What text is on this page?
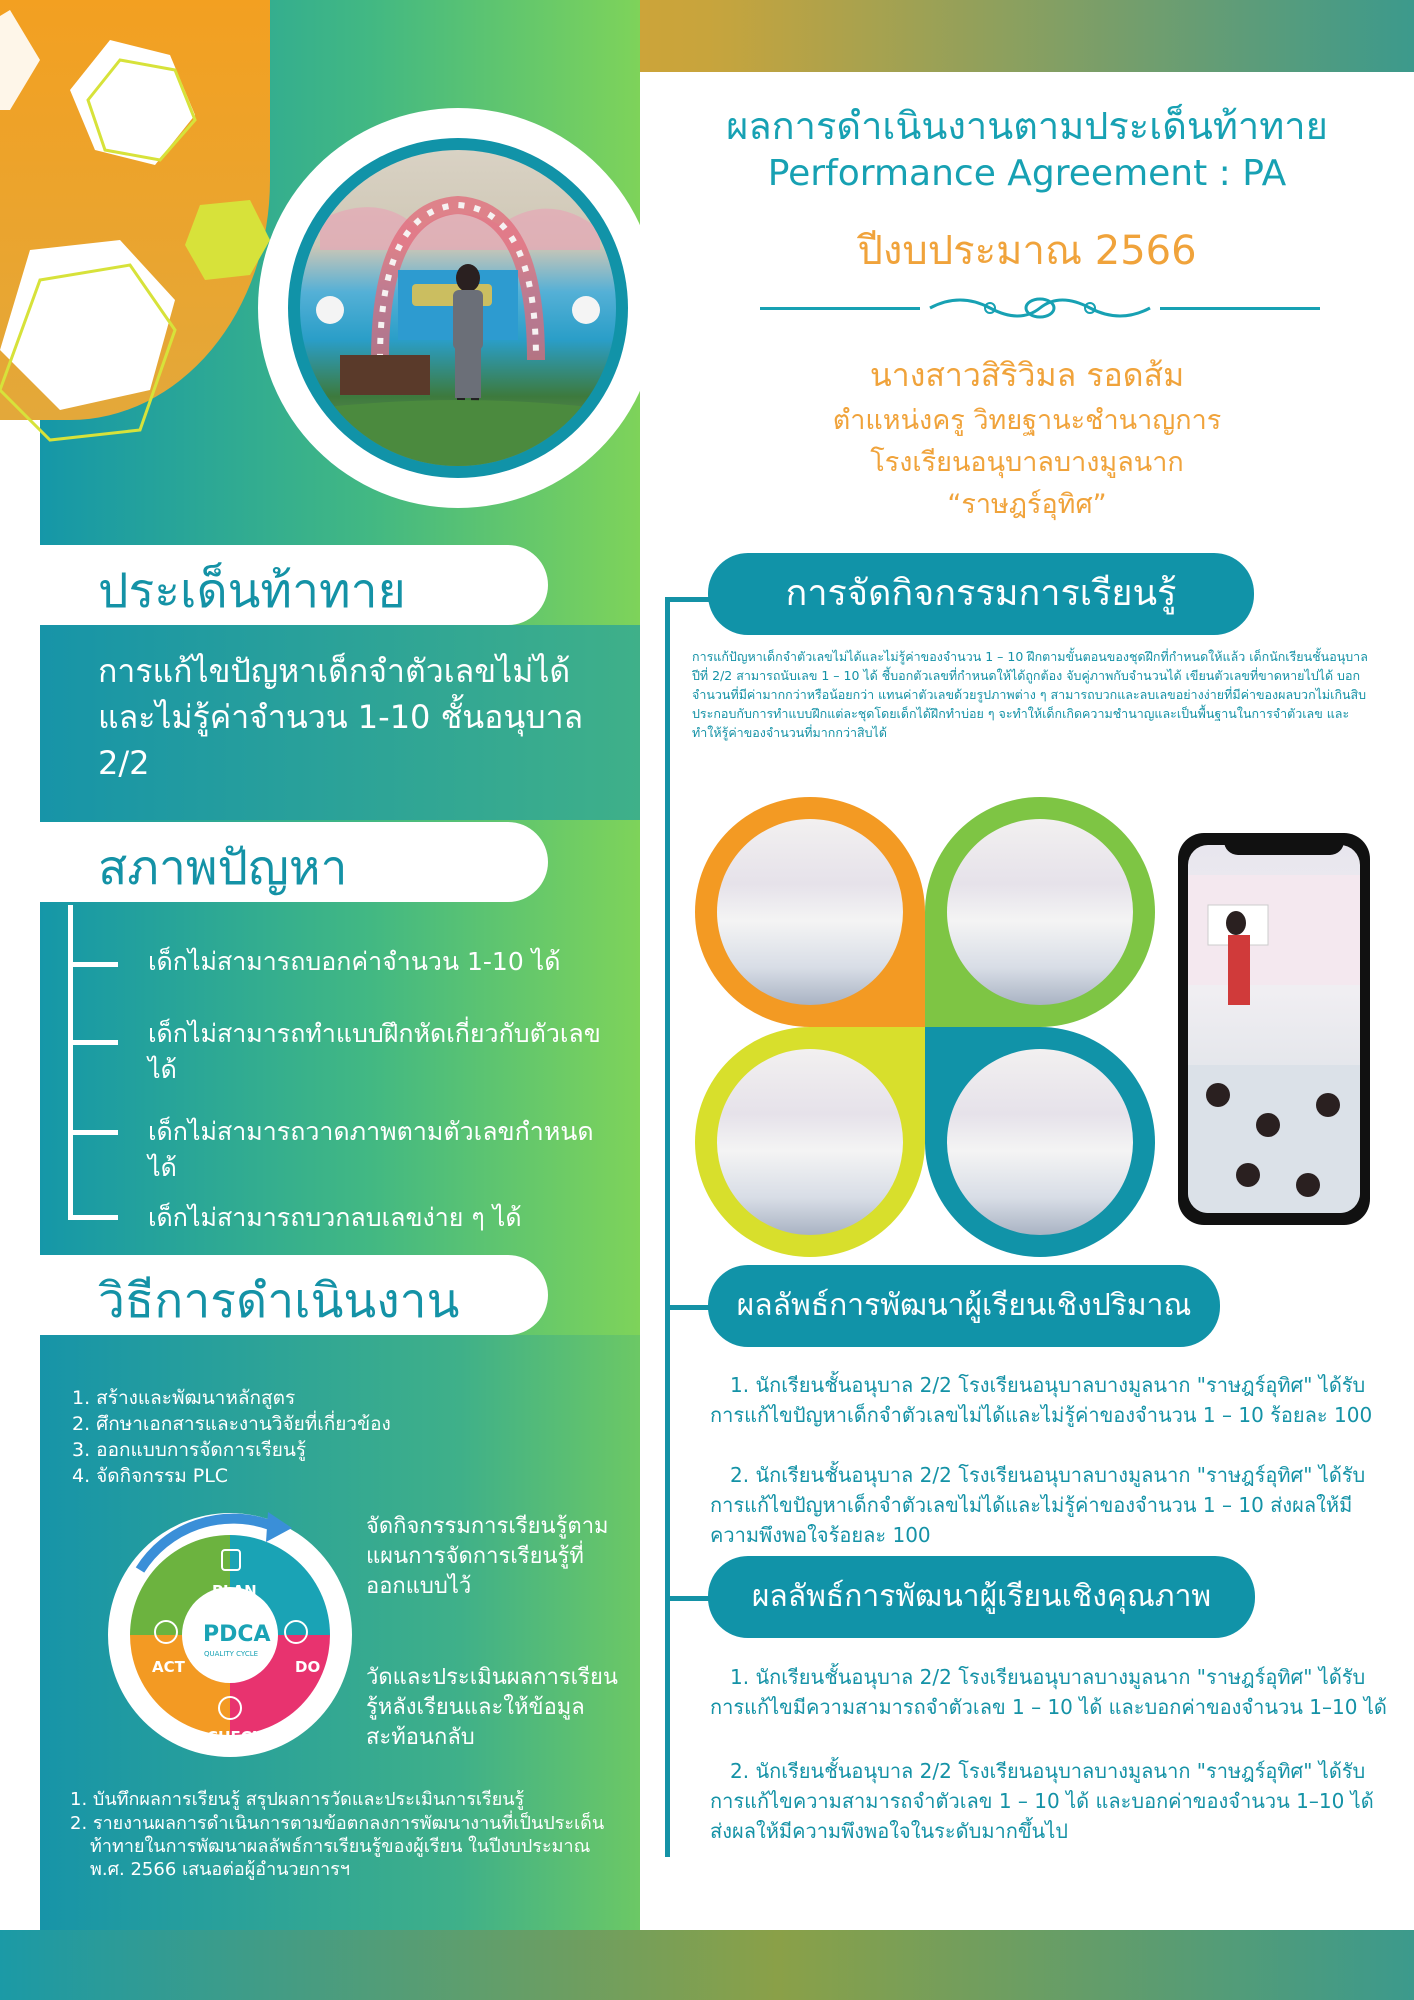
ประเด็นท้าทาย
การแก้ไขปัญหาเด็กจำตัวเลขไม่ได้ และไม่รู้ค่าจำนวน 1-10 ชั้นอนุบาล 2/2
สภาพปัญหา
เด็กไม่สามารถบอกค่าจำนวน 1-10 ได้
เด็กไม่สามารถทำแบบฝึกหัดเกี่ยวกับตัวเลขได้
เด็กไม่สามารถวาดภาพตามตัวเลขกำหนดได้
เด็กไม่สามารถบวกลบเลขง่าย ๆ ได้
วิธีการดำเนินงาน
1. สร้างและพัฒนาหลักสูตร
2. ศึกษาเอกสารและงานวิจัยที่เกี่ยวข้อง
3. ออกแบบการจัดการเรียนรู้
4. จัดกิจกรรม PLC
PLAN
DO
CHECK
ACT
PDCA
QUALITY CYCLE
จัดกิจกรรมการเรียนรู้ตามแผนการจัดการเรียนรู้ที่ออกแบบไว้
วัดและประเมินผลการเรียนรู้หลังเรียนและให้ข้อมูลสะท้อนกลับ
1. บันทึกผลการเรียนรู้ สรุปผลการวัดและประเมินการเรียนรู้
2. รายงานผลการดำเนินการตามข้อตกลงการพัฒนางานที่เป็นประเด็นท้าทายในการพัฒนาผลลัพธ์การเรียนรู้ของผู้เรียน ในปีงบประมาณ พ.ศ. 2566 เสนอต่อผู้อำนวยการฯ
ผลการดำเนินงานตามประเด็นท้าทาย
Performance Agreement : PA
ปีงบประมาณ 2566
นางสาวสิริวิมล รอดส้ม
ตำแหน่งครู วิทยฐานะชำนาญการ
โรงเรียนอนุบาลบางมูลนาก
“ราษฎร์อุทิศ”
การจัดกิจกรรมการเรียนรู้
การแก้ปัญหาเด็กจำตัวเลขไม่ได้และไม่รู้ค่าของจำนวน 1 – 10 ฝึกตามขั้นตอนของชุดฝึกที่กำหนดให้แล้ว เด็กนักเรียนชั้นอนุบาลปีที่ 2/2 สามารถนับเลข 1 – 10 ได้ ชี้บอกตัวเลขที่กำหนดให้ได้ถูกต้อง จับคู่ภาพกับจำนวนได้ เขียนตัวเลขที่ขาดหายไปได้ บอกจำนวนที่มีค่ามากกว่าหรือน้อยกว่า แทนค่าตัวเลขด้วยรูปภาพต่าง ๆ สามารถบวกและลบเลขอย่างง่ายที่มีค่าของผลบวกไม่เกินสิบ ประกอบกับการทำแบบฝึกแต่ละชุดโดยเด็กได้ฝึกทำบ่อย ๆ จะทำให้เด็กเกิดความชำนาญและเป็นพื้นฐานในการจำตัวเลข และทำให้รู้ค่าของจำนวนที่มากกว่าสิบได้
ผลลัพธ์การพัฒนาผู้เรียนเชิงปริมาณ
1. นักเรียนชั้นอนุบาล 2/2 โรงเรียนอนุบาลบางมูลนาก "ราษฎร์อุทิศ" ได้รับการแก้ไขปัญหาเด็กจำตัวเลขไม่ได้และไม่รู้ค่าของจำนวน 1 – 10 ร้อยละ 100
2. นักเรียนชั้นอนุบาล 2/2 โรงเรียนอนุบาลบางมูลนาก "ราษฎร์อุทิศ" ได้รับการแก้ไขปัญหาเด็กจำตัวเลขไม่ได้และไม่รู้ค่าของจำนวน 1 – 10 ส่งผลให้มีความพึงพอใจร้อยละ 100
ผลลัพธ์การพัฒนาผู้เรียนเชิงคุณภาพ
1. นักเรียนชั้นอนุบาล 2/2 โรงเรียนอนุบาลบางมูลนาก "ราษฎร์อุทิศ" ได้รับการแก้ไขมีความสามารถจำตัวเลข 1 – 10 ได้ และบอกค่าของจำนวน 1–10 ได้
2. นักเรียนชั้นอนุบาล 2/2 โรงเรียนอนุบาลบางมูลนาก "ราษฎร์อุทิศ" ได้รับการแก้ไขความสามารถจำตัวเลข 1 – 10 ได้ และบอกค่าของจำนวน 1–10 ได้ส่งผลให้มีความพึงพอใจในระดับมากขึ้นไป
